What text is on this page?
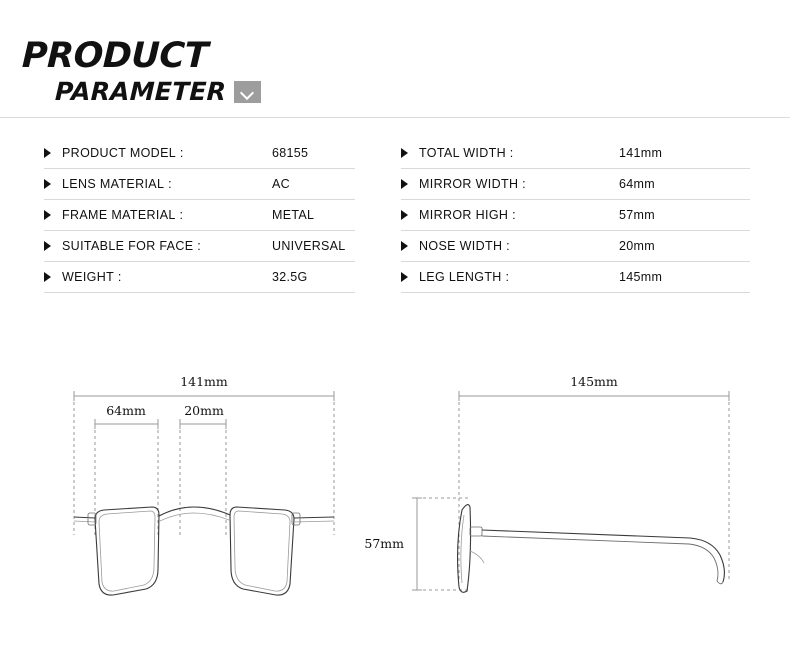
PRODUCT
PARAMETER
PRODUCT MODEL :	68155
LENS MATERIAL :	AC
FRAME MATERIAL :	METAL
SUITABLE FOR FACE :	UNIVERSAL
WEIGHT :	32.5G
TOTAL WIDTH :	141mm
MIRROR WIDTH :	64mm
MIRROR HIGH :	57mm
NOSE WIDTH :	20mm
LEG LENGTH :	145mm
141mm
64mm	20mm
145mm
57mm
